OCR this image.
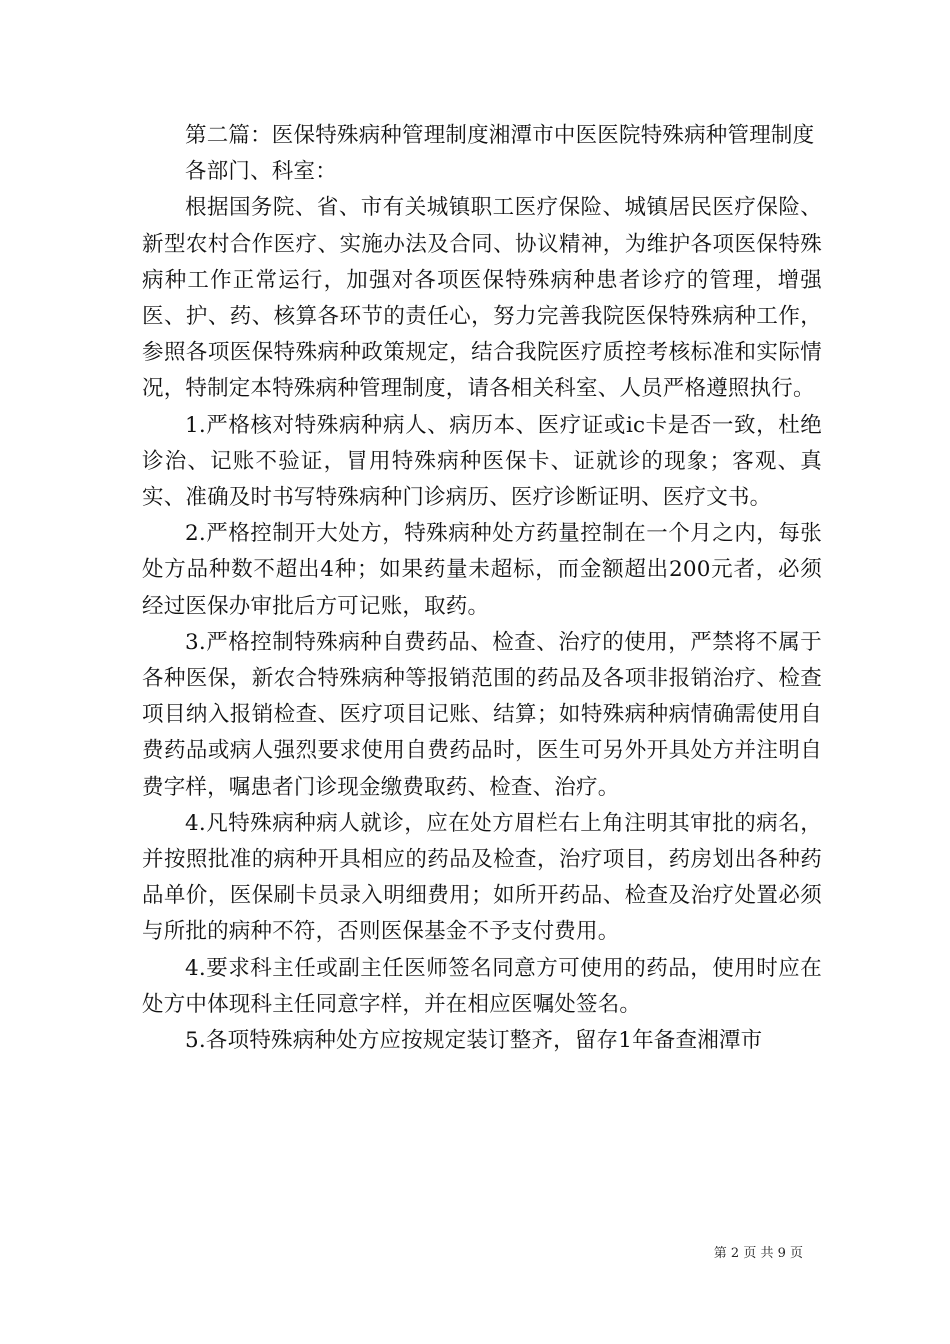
第二篇：医保特殊病种管理制度湘潭市中医医院特殊病种管理制度

各部门、科室：

根据国务院、省、市有关城镇职工医疗保险、城镇居民医疗保险、新型农村合作医疗、实施办法及合同、协议精神，为维护各项医保特殊病种工作正常运行，加强对各项医保特殊病种患者诊疗的管理，增强医、护、药、核算各环节的责任心，努力完善我院医保特殊病种工作，参照各项医保特殊病种政策规定，结合我院医疗质控考核标准和实际情况，特制定本特殊病种管理制度，请各相关科室、人员严格遵照执行。

1.严格核对特殊病种病人、病历本、医疗证或ic卡是否一致，杜绝诊治、记账不验证，冒用特殊病种医保卡、证就诊的现象；客观、真实、准确及时书写特殊病种门诊病历、医疗诊断证明、医疗文书。

2.严格控制开大处方，特殊病种处方药量控制在一个月之内，每张处方品种数不超出4种；如果药量未超标，而金额超出200元者，必须经过医保办审批后方可记账，取药。

3.严格控制特殊病种自费药品、检查、治疗的使用，严禁将不属于各种医保，新农合特殊病种等报销范围的药品及各项非报销治疗、检查项目纳入报销检查、医疗项目记账、结算；如特殊病种病情确需使用自费药品或病人强烈要求使用自费药品时，医生可另外开具处方并注明自费字样，嘱患者门诊现金缴费取药、检查、治疗。

4.凡特殊病种病人就诊，应在处方眉栏右上角注明其审批的病名，并按照批准的病种开具相应的药品及检查，治疗项目，药房划出各种药品单价，医保刷卡员录入明细费用；如所开药品、检查及治疗处置必须与所批的病种不符，否则医保基金不予支付费用。

4.要求科主任或副主任医师签名同意方可使用的药品，使用时应在处方中体现科主任同意字样，并在相应医嘱处签名。

5.各项特殊病种处方应按规定装订整齐，留存1年备查湘潭市

第 2 页 共 9 页
